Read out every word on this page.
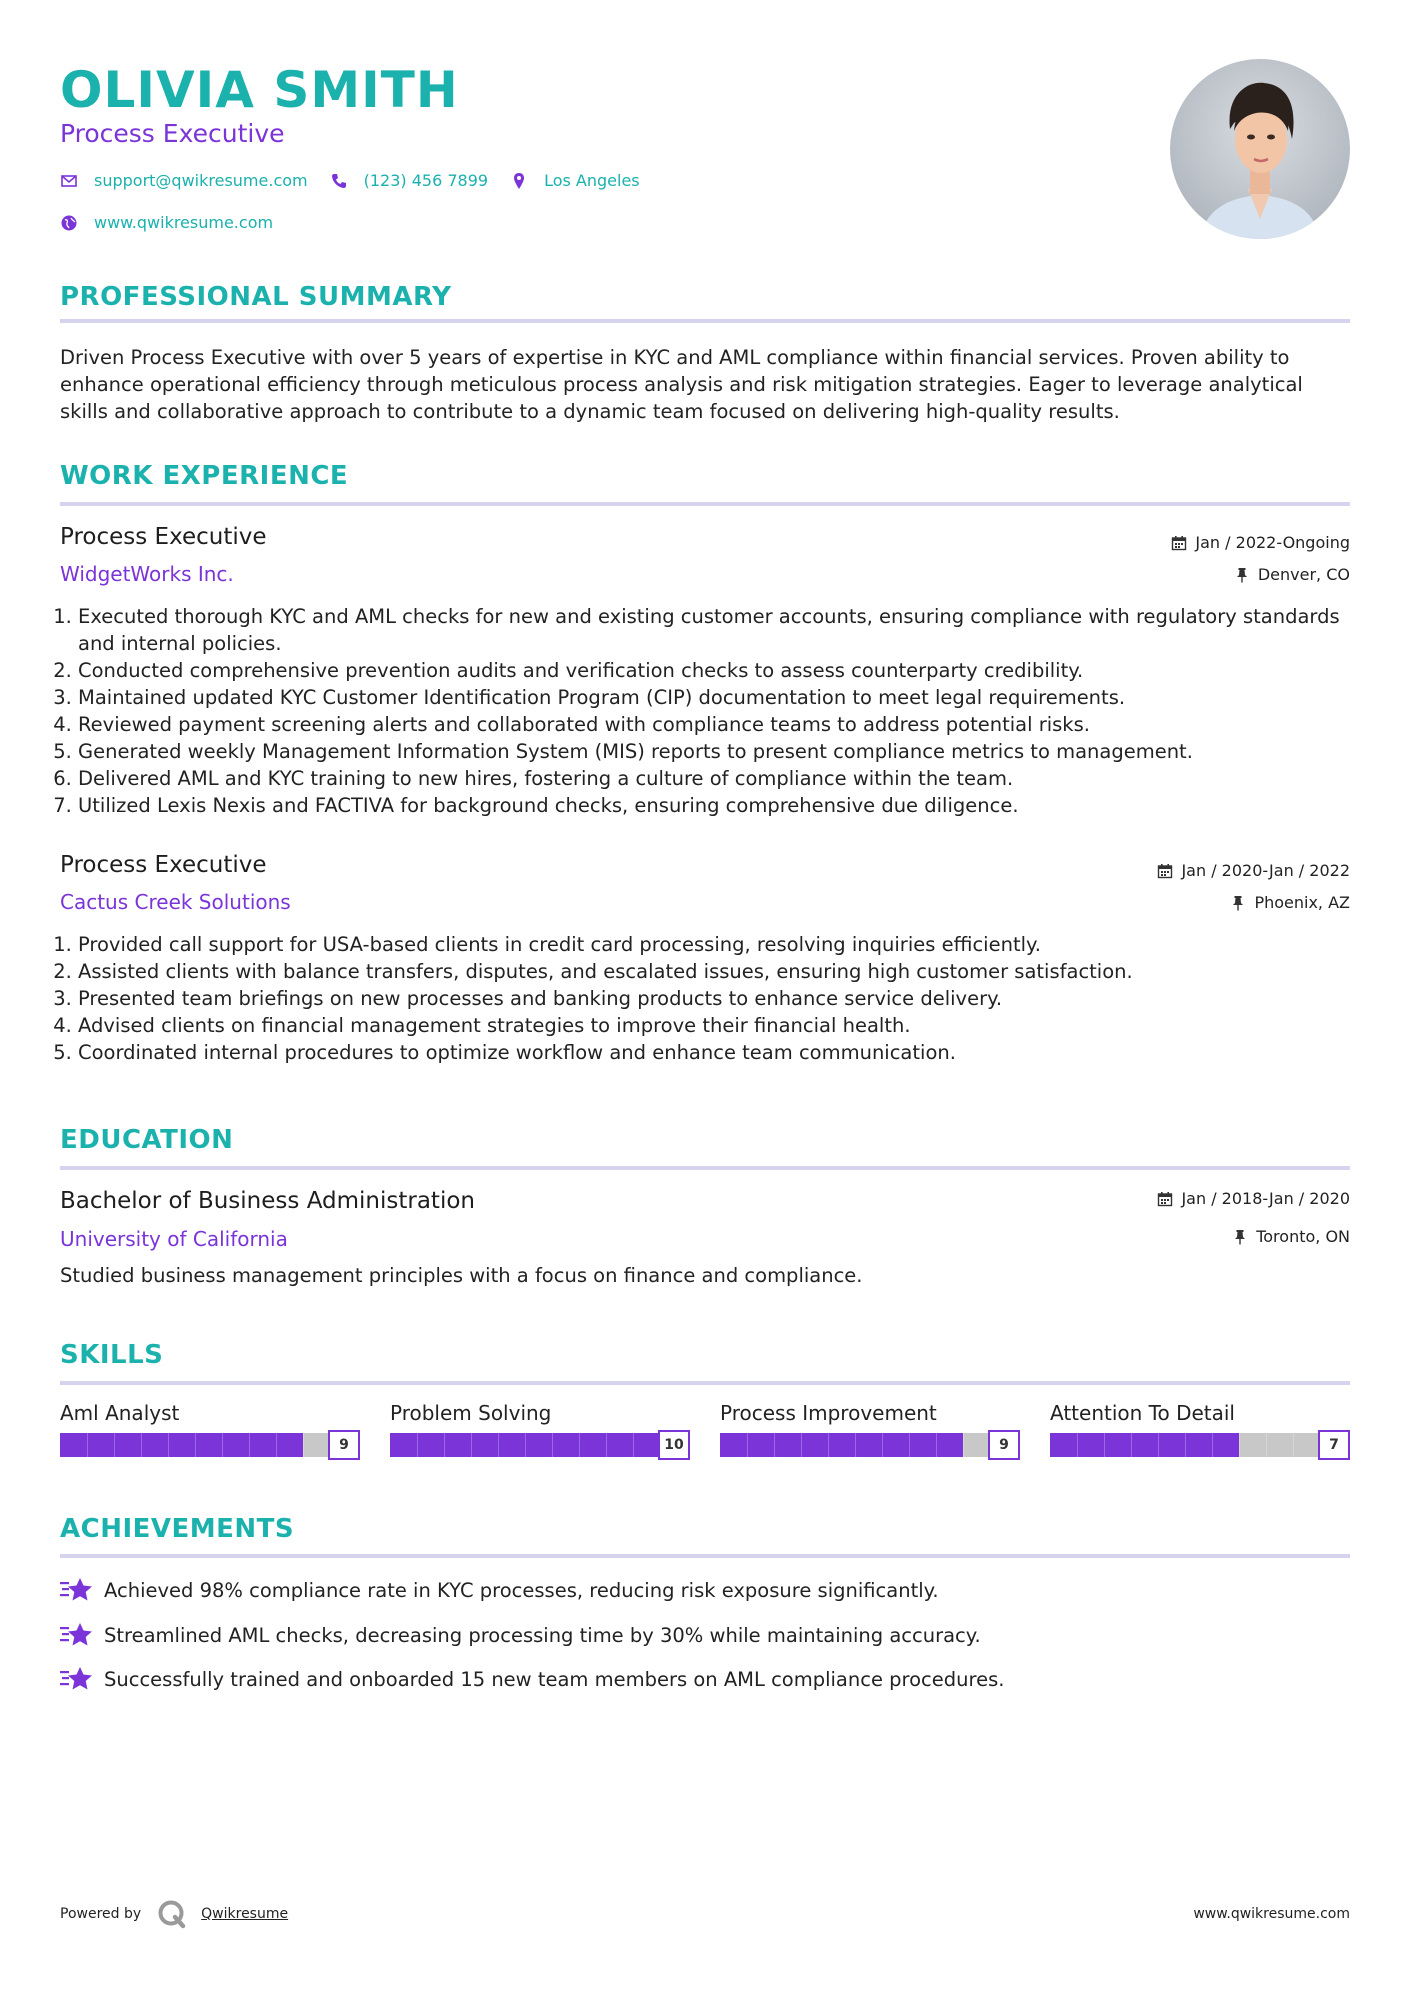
OLIVIA SMITH
Process Executive
support@qwikresume.com	(123) 456 7899	Los Angeles
www.qwikresume.com
PROFESSIONAL SUMMARY
Driven Process Executive with over 5 years of expertise in KYC and AML compliance within financial services. Proven ability to enhance operational efficiency through meticulous process analysis and risk mitigation strategies. Eager to leverage analytical skills and collaborative approach to contribute to a dynamic team focused on delivering high-quality results.
WORK EXPERIENCE
Process Executive	Jan / 2022-Ongoing
WidgetWorks Inc.	Denver, CO
1. Executed thorough KYC and AML checks for new and existing customer accounts, ensuring compliance with regulatory standards and internal policies.
2. Conducted comprehensive prevention audits and verification checks to assess counterparty credibility.
3. Maintained updated KYC Customer Identification Program (CIP) documentation to meet legal requirements.
4. Reviewed payment screening alerts and collaborated with compliance teams to address potential risks.
5. Generated weekly Management Information System (MIS) reports to present compliance metrics to management.
6. Delivered AML and KYC training to new hires, fostering a culture of compliance within the team.
7. Utilized Lexis Nexis and FACTIVA for background checks, ensuring comprehensive due diligence.
Process Executive	Jan / 2020-Jan / 2022
Cactus Creek Solutions	Phoenix, AZ
1. Provided call support for USA-based clients in credit card processing, resolving inquiries efficiently.
2. Assisted clients with balance transfers, disputes, and escalated issues, ensuring high customer satisfaction.
3. Presented team briefings on new processes and banking products to enhance service delivery.
4. Advised clients on financial management strategies to improve their financial health.
5. Coordinated internal procedures to optimize workflow and enhance team communication.
EDUCATION
Bachelor of Business Administration	Jan / 2018-Jan / 2020
University of California	Toronto, ON
Studied business management principles with a focus on finance and compliance.
SKILLS
Aml Analyst
9
Problem Solving
10
Process Improvement
9
Attention To Detail
7
ACHIEVEMENTS
Achieved 98% compliance rate in KYC processes, reducing risk exposure significantly.
Streamlined AML checks, decreasing processing time by 30% while maintaining accuracy.
Successfully trained and onboarded 15 new team members on AML compliance procedures.
Powered by	Qwikresume	www.qwikresume.com
